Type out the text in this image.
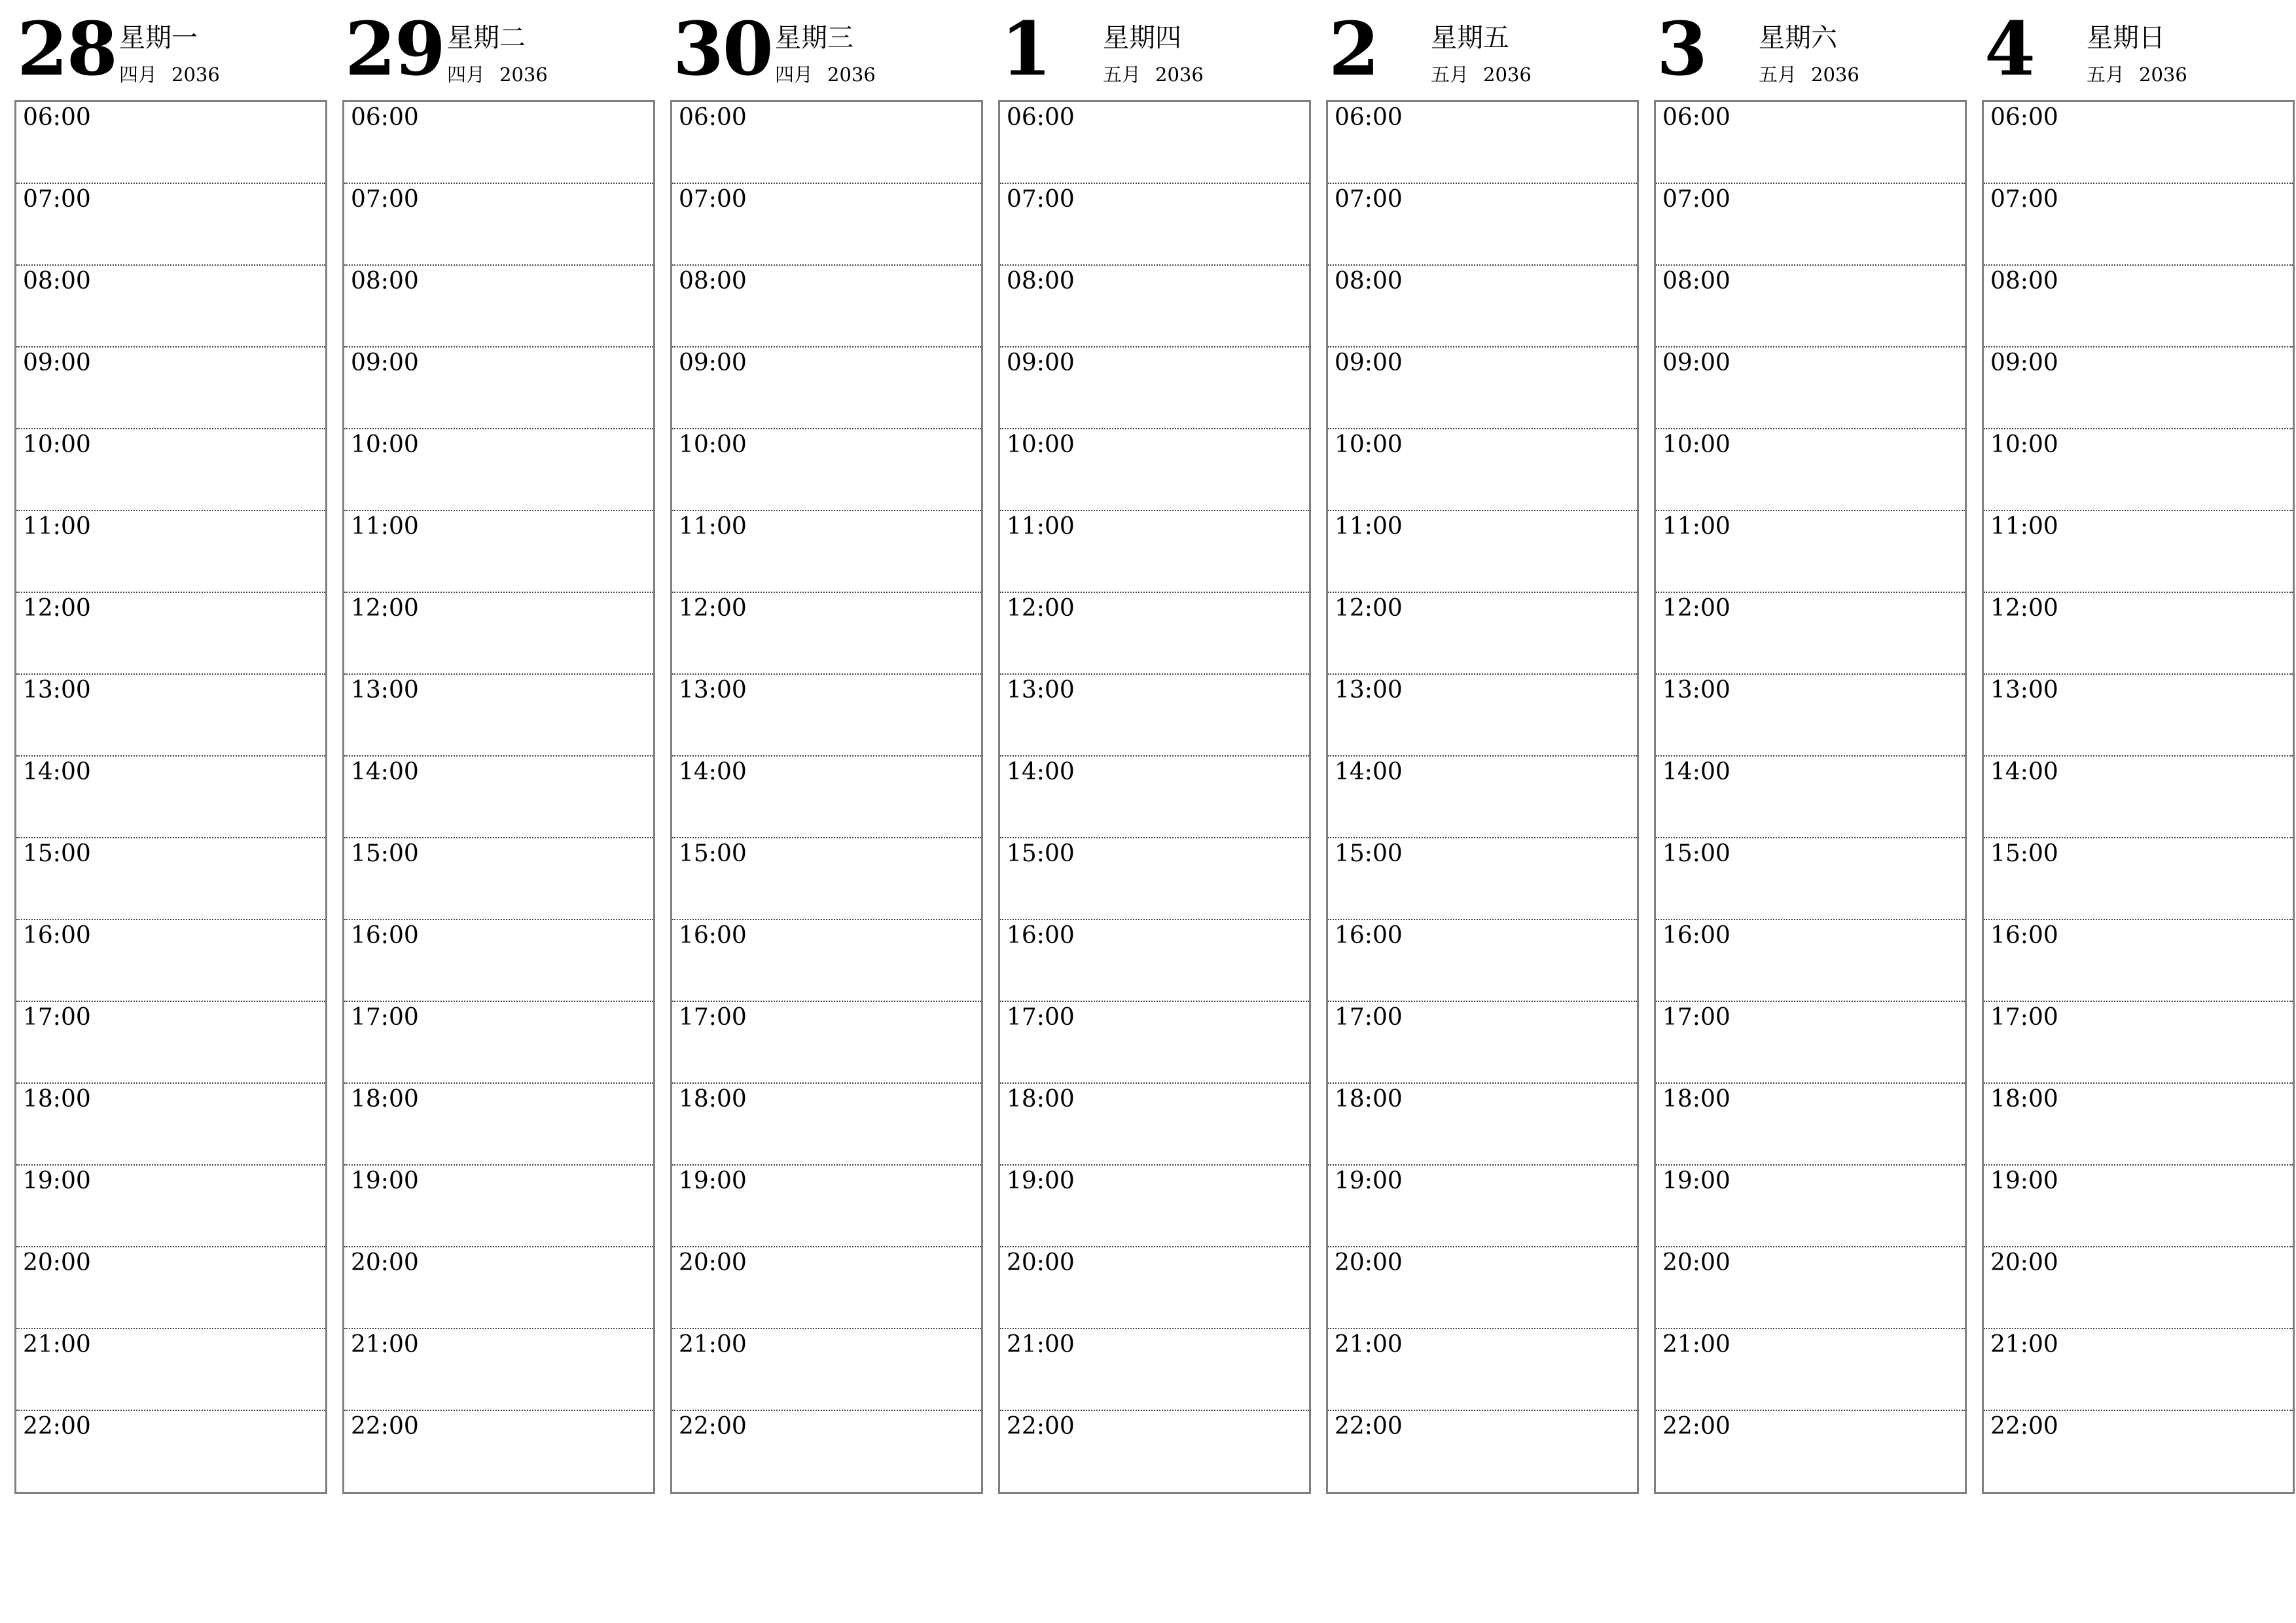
28 星期一
四月 2036
06:00
07:00
08:00
09:00
10:00
11:00
12:00
13:00
14:00
15:00
16:00
17:00
18:00
19:00
20:00
21:00
22:00
29 星期二
四月 2036
06:00
07:00
08:00
09:00
10:00
11:00
12:00
13:00
14:00
15:00
16:00
17:00
18:00
19:00
20:00
21:00
22:00
30 星期三
四月 2036
06:00
07:00
08:00
09:00
10:00
11:00
12:00
13:00
14:00
15:00
16:00
17:00
18:00
19:00
20:00
21:00
22:00
1 星期四
五月 2036
06:00
07:00
08:00
09:00
10:00
11:00
12:00
13:00
14:00
15:00
16:00
17:00
18:00
19:00
20:00
21:00
22:00
2 星期五
五月 2036
06:00
07:00
08:00
09:00
10:00
11:00
12:00
13:00
14:00
15:00
16:00
17:00
18:00
19:00
20:00
21:00
22:00
3 星期六
五月 2036
06:00
07:00
08:00
09:00
10:00
11:00
12:00
13:00
14:00
15:00
16:00
17:00
18:00
19:00
20:00
21:00
22:00
4 星期日
五月 2036
06:00
07:00
08:00
09:00
10:00
11:00
12:00
13:00
14:00
15:00
16:00
17:00
18:00
19:00
20:00
21:00
22:00
